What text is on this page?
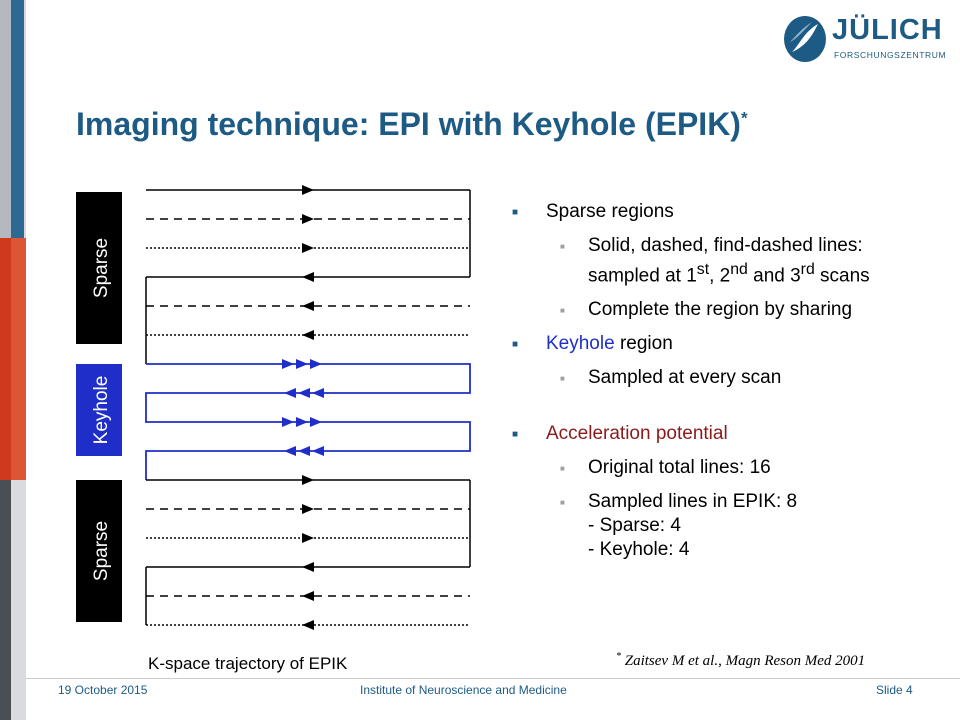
JÜLICH
FORSCHUNGSZENTRUM
Imaging technique: EPI with Keyhole (EPIK)*
Sparse
Keyhole
Sparse

■ Sparse regions

■ Solid, dashed, find-dashed lines:
sampled at 1st, 2nd and 3rd scans

■ Complete the region by sharing

■ Keyhole region

■ Sampled at every scan

■ Acceleration potential

■ Original total lines: 16

■ Sampled lines in EPIK: 8
- Sparse: 4
- Keyhole: 4

K-space trajectory of EPIK	* Zaitsev M et al., Magn Reson Med 2001
19 October 2015	Institute of Neuroscience and Medicine	Slide 4
